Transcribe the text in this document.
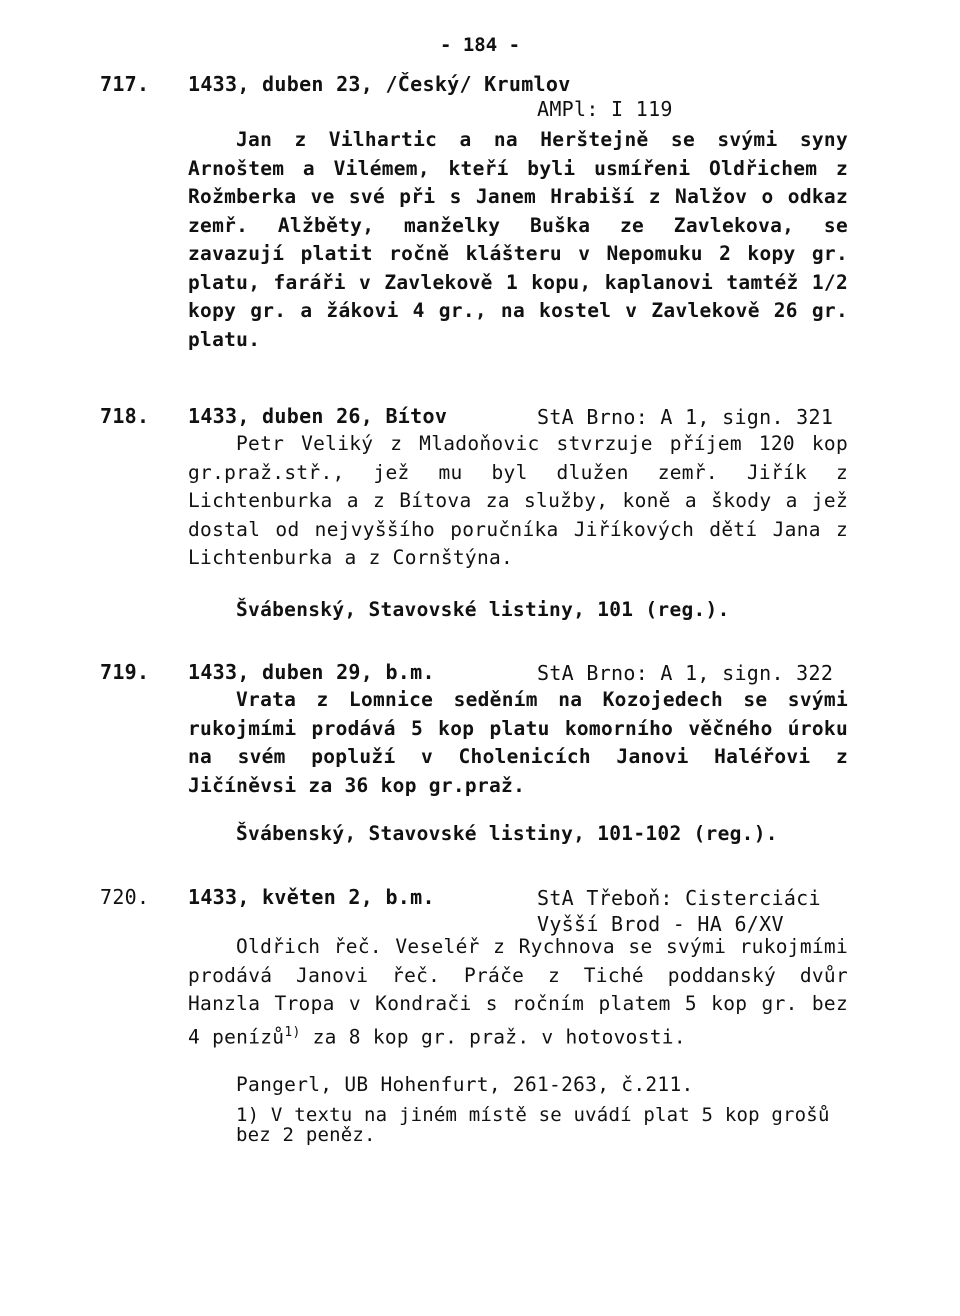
- 184 -
717. 1433, duben 23, /Český/ Krumlov
AMPl: I 119
Jan z Vilhartic a na Herštejně se svými syny Arnoštem a Vilémem, kteří byli usmířeni Oldřichem z Rožmberka ve své při s Janem Hrabiší z Nalžov o odkaz zemř. Alžběty, manželky Buška ze Zavlekova, se zavazují platit ročně klášteru v Nepomuku 2 kopy gr. platu, faráři v Zavlekově 1 kopu, kaplanovi tamtéž 1/2 kopy gr. a žákovi 4 gr., na kostel v Zavlekově 26 gr. platu.
718. 1433, duben 26, Bítov	StA Brno: A 1, sign. 321
Petr Veliký z Mladoňovic stvrzuje příjem 120 kop gr.praž.stř., jež mu byl dlužen zemř. Jiřík z Lichtenburka a z Bítova za služby, koně a škody a jež dostal od nejvyššího poručníka Jiříkových dětí Jana z Lichtenburka a z Cornštýna.
Švábenský, Stavovské listiny, 101 (reg.).
719. 1433, duben 29, b.m.	StA Brno: A 1, sign. 322
Vrata z Lomnice seděním na Kozojedech se svými rukojmími prodává 5 kop platu komorního věčného úroku na svém popluží v Cholenicích Janovi Haléřovi z Jičíněvsi za 36 kop gr.praž.
Švábenský, Stavovské listiny, 101-102 (reg.).
720. 1433, květen 2, b.m.	StA Třeboň: Cisterciáci
Vyšší Brod - HA 6/XV
Oldřich řeč. Veseléř z Rychnova se svými rukojmími prodává Janovi řeč. Práče z Tiché poddanský dvůr Hanzla Tropa v Kondrači s ročním platem 5 kop gr. bez 4 penízů$^{1)}$ za 8 kop gr. praž. v hotovosti.
Pangerl, UB Hohenfurt, 261-263, č.211.
1) V textu na jiném místě se uvádí plat 5 kop grošů bez 2 peněz.
